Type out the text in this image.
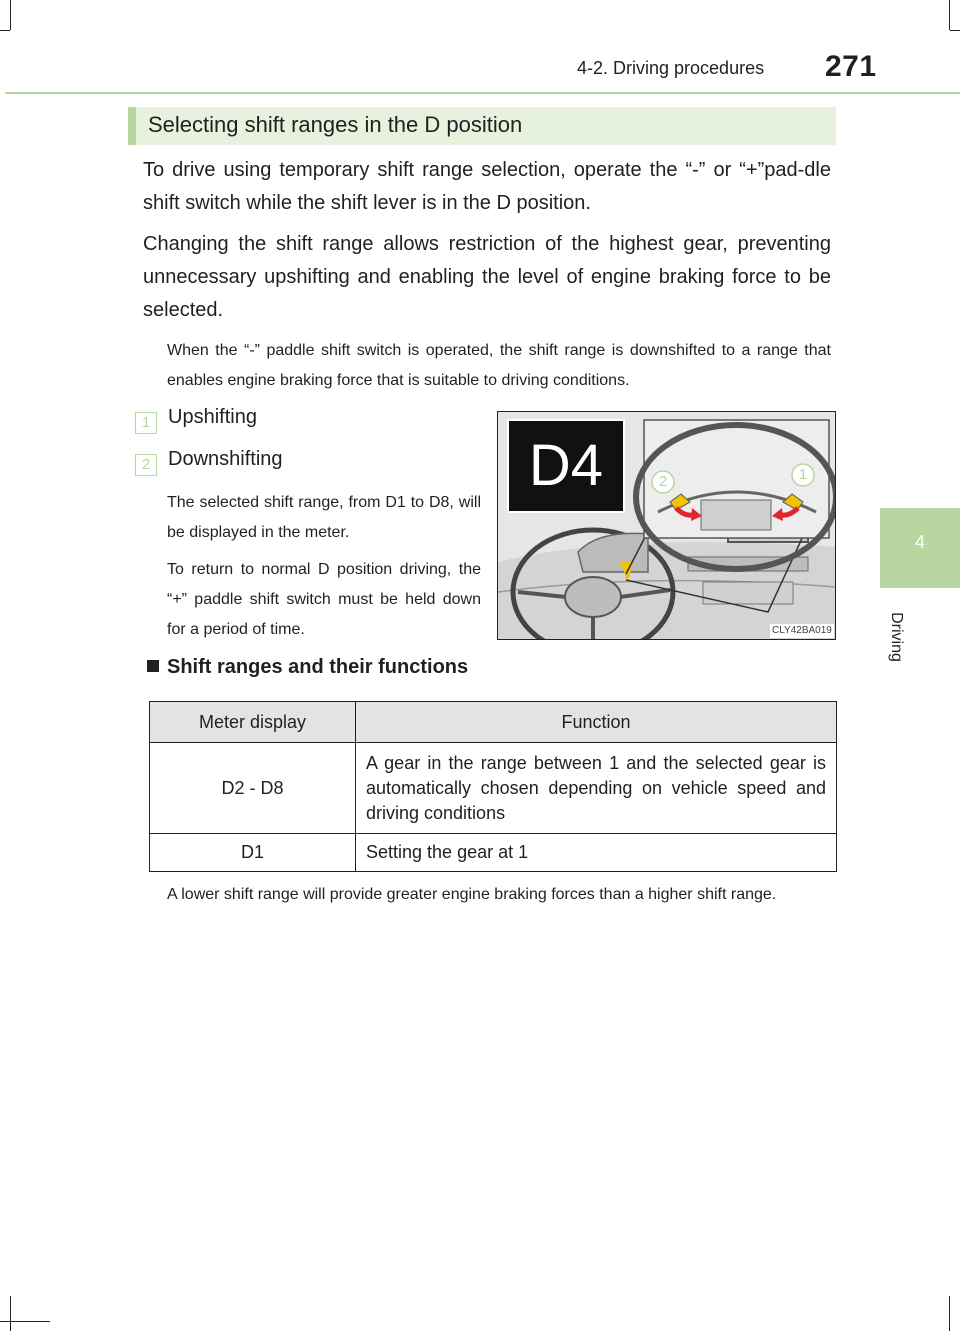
4-2. Driving procedures 271
4
Driving
Selecting shift ranges in the D position
To drive using temporary shift range selection, operate the “-” or “+”pad-dle shift switch while the shift lever is in the D position.
Changing the shift range allows restriction of the highest gear, preventing unnecessary upshifting and enabling the level of engine braking force to be selected.
When the “-” paddle shift switch is operated, the shift range is downshifted to a range that enables engine braking force that is suitable to driving conditions.
1 Upshifting
2 Downshifting
The selected shift range, from D1 to D8, will be displayed in the meter.
To return to normal D position driving, the “+” paddle shift switch must be held down for a period of time.
D4	2	1
CLY42BA019
Shift ranges and their functions
Meter display	Function
D2 - D8	A gear in the range between 1 and the selected gear is automatically chosen depending on vehicle speed and driving conditions
D1	Setting the gear at 1
A lower shift range will provide greater engine braking forces than a higher shift range.
